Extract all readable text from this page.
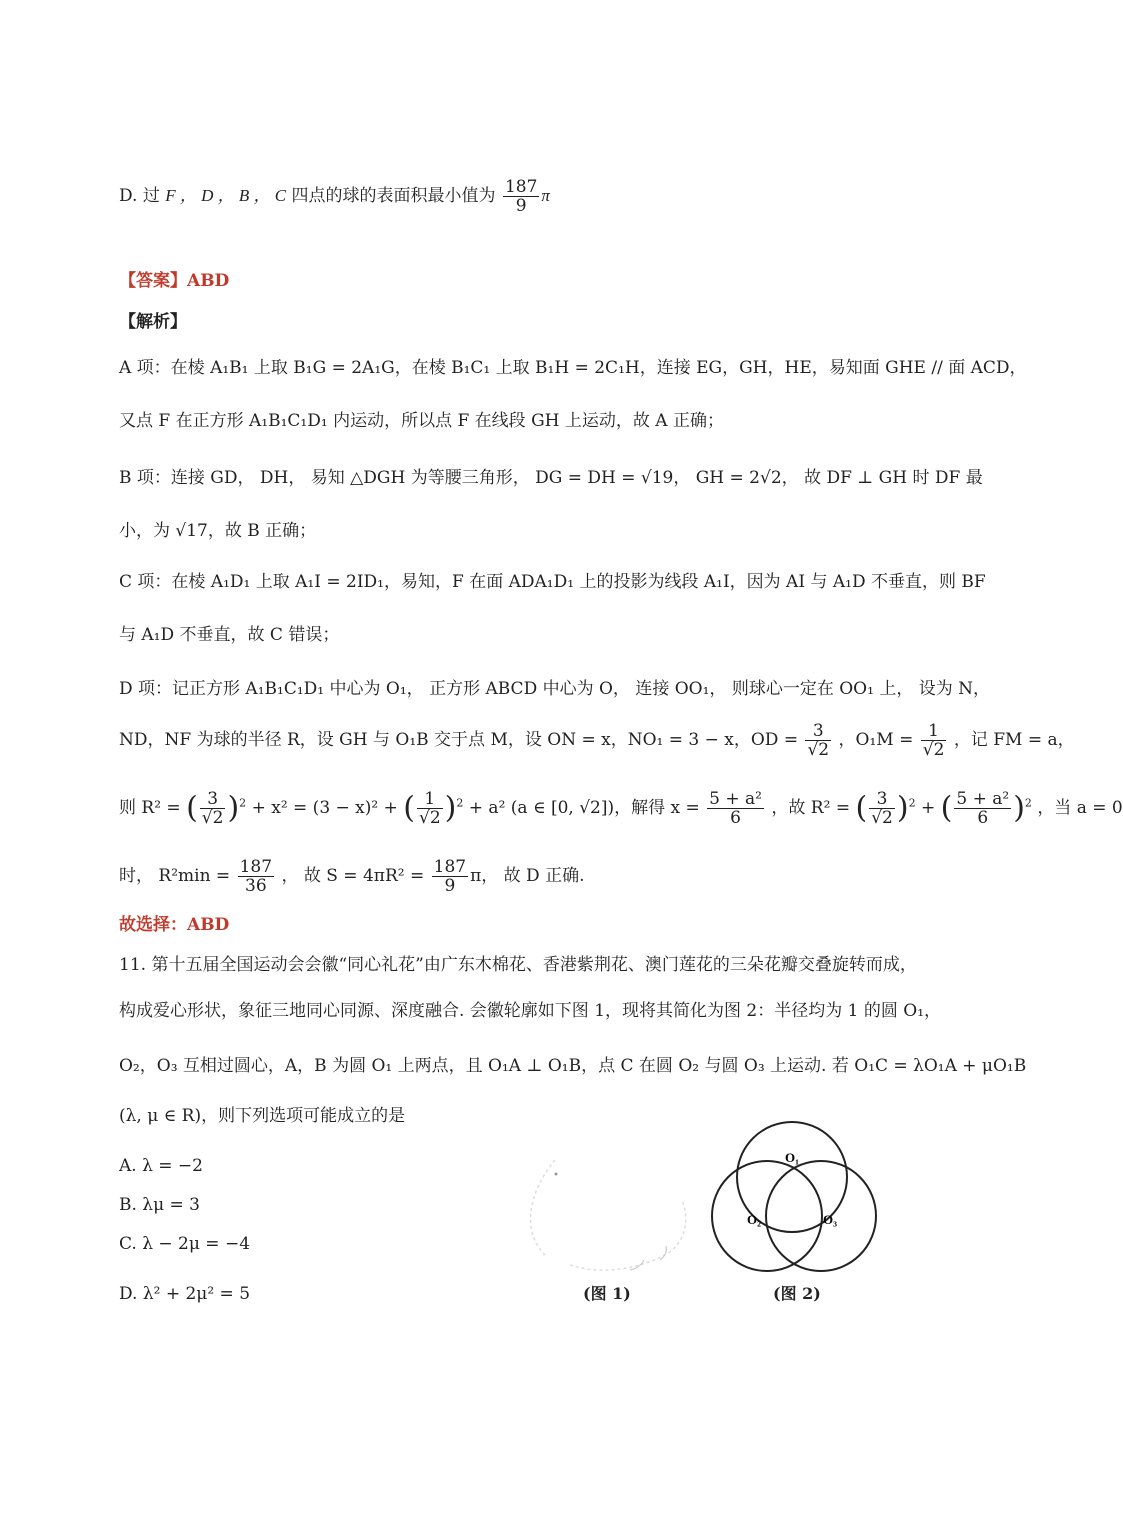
D. 过 F ， D ， B ， C 四点的球的表面积最小值为 $\frac{187}{9}$ π
【答案】ABD
【解析】
A 项：在棱 A₁B₁ 上取 B₁G = 2A₁G，在棱 B₁C₁ 上取 B₁H = 2C₁H，连接 EG，GH，HE，易知面 GHE // 面 ACD，
又点 F 在正方形 A₁B₁C₁D₁ 内运动，所以点 F 在线段 GH 上运动，故 A 正确；
B 项：连接 GD， DH， 易知 △DGH 为等腰三角形， DG = DH = √19， GH = 2√2， 故 DF ⊥ GH 时 DF 最
小，为 √17，故 B 正确；
C 项：在棱 A₁D₁ 上取 A₁I = 2ID₁，易知，F 在面 ADA₁D₁ 上的投影为线段 A₁I，因为 AI 与 A₁D 不垂直，则 BF
与 A₁D 不垂直，故 C 错误；
D 项：记正方形 A₁B₁C₁D₁ 中心为 O₁， 正方形 ABCD 中心为 O， 连接 OO₁， 则球心一定在 OO₁ 上， 设为 N，
ND，NF 为球的半径 R，设 GH 与 O₁B 交于点 M，设 ON = x，NO₁ = 3 − x，OD = $\frac{3}{√2}$ ，$O_1M = \frac{1}{√2}$ ，记 FM = a，
则 R² = ( $\frac{3}{√2} )^2 + x^2 = (3 - x)^2$ + ( $\frac{1}{√2} )^2 + a^2$ (a ∈ [0, √2])，解得 $x = \frac{\text{5 + a²}}{6}$ ，故 R² = ( $\frac{3}{√2} )^2$ + ( $\frac{\text{5 + a²}}{6} )^2$ ，当 a = 0
时， $R^2\min = \frac{187}{36}$ ， 故 $S = 4\pi R^2 = \frac{187}{9}$ π， 故 D 正确.
故选择：ABD
11. 第十五届全国运动会会徽“同心礼花”由广东木棉花、香港紫荆花、澳门莲花的三朵花瓣交叠旋转而成，
构成爱心形状，象征三地同心同源、深度融合. 会徽轮廓如下图 1，现将其简化为图 2：半径均为 1 的圆 O₁，
O₂，O₃ 互相过圆心，A，B 为圆 O₁ 上两点，且 O₁A ⊥ O₁B，点 C 在圆 O₂ 与圆 O₃ 上运动. 若 O₁C = λO₁A + μO₁B
(λ, μ ∈ R)，则下列选项可能成立的是
A. λ = −2
B. λμ = 3
C. λ − 2μ = −4
D. λ² + 2μ² = 5	(图 1)
O₁
O₂	O₃
(图 2)
